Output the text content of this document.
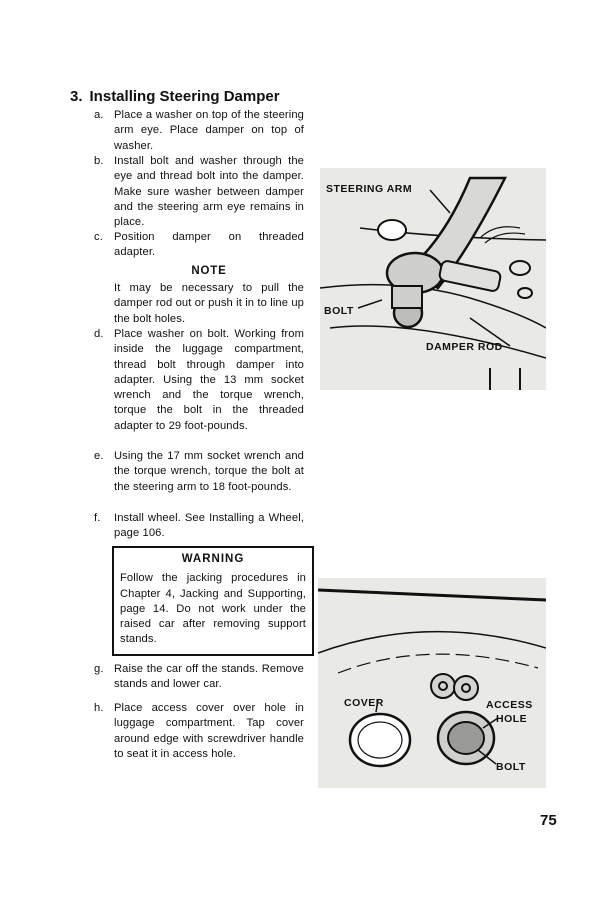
3. Installing Steering Damper
a. Place a washer on top of the steering arm eye. Place damper on top of washer.
b. Install bolt and washer through the eye and thread bolt into the damper. Make sure washer between damper and the steering arm eye remains in place.
c. Position damper on threaded adapter.
NOTE
It may be necessary to pull the damper rod out or push it in to line up the bolt holes.
d. Place washer on bolt. Working from inside the luggage compartment, thread bolt through damper into adapter. Using the 13 mm socket wrench and the torque wrench, torque the bolt in the threaded adapter to 29 foot-pounds.
e. Using the 17 mm socket wrench and the torque wrench, torque the bolt at the steering arm to 18 foot-pounds.
f.	Install wheel. See Installing a Wheel, page 106.
WARNING
Follow the jacking procedures in Chapter 4, Jacking and Supporting, page 14. Do not work under the raised car after removing support stands.
g. Raise the car off the stands. Remove stands and lower car.
h. Place access cover over hole in luggage compartment. Tap cover around edge with screwdriver handle to seat it in access hole.
STEERING ARM
BOLT
DAMPER ROD
COVER	ACCESS
HOLE
BOLT
75
